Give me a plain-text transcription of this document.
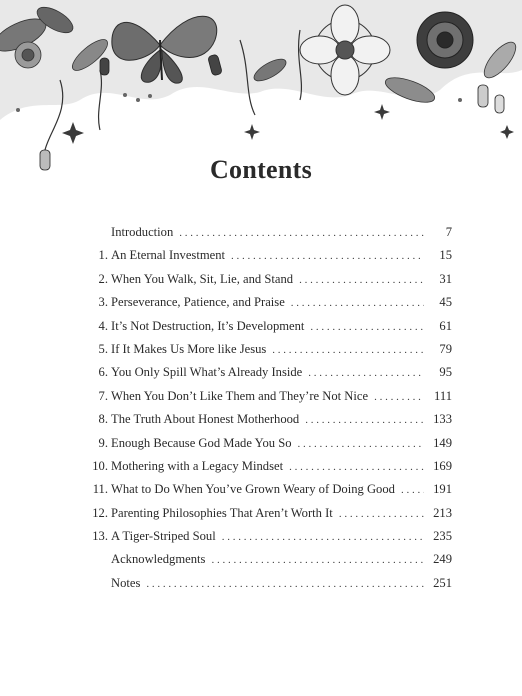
Contents
Introduction . . .	7
1. An Eternal Investment . . .	15
2. When You Walk, Sit, Lie, and Stand . . .	31
3. Perseverance, Patience, and Praise . . .	45
4. It’s Not Destruction, It’s Development . . .	61
5. If It Makes Us More like Jesus . . .	79
6. You Only Spill What’s Already Inside . . .	95
7. When You Don’t Like Them and They’re Not Nice . . .	111
8. The Truth About Honest Motherhood . . .	133
9. Enough Because God Made You So . . .	149
10. Mothering with a Legacy Mindset . . .	169
11. What to Do When You’ve Grown Weary of Doing Good . . .	191
12. Parenting Philosophies That Aren’t Worth It . . .	213
13. A Tiger-Striped Soul . . .	235
Acknowledgments . . .	249
Notes . . .	251
